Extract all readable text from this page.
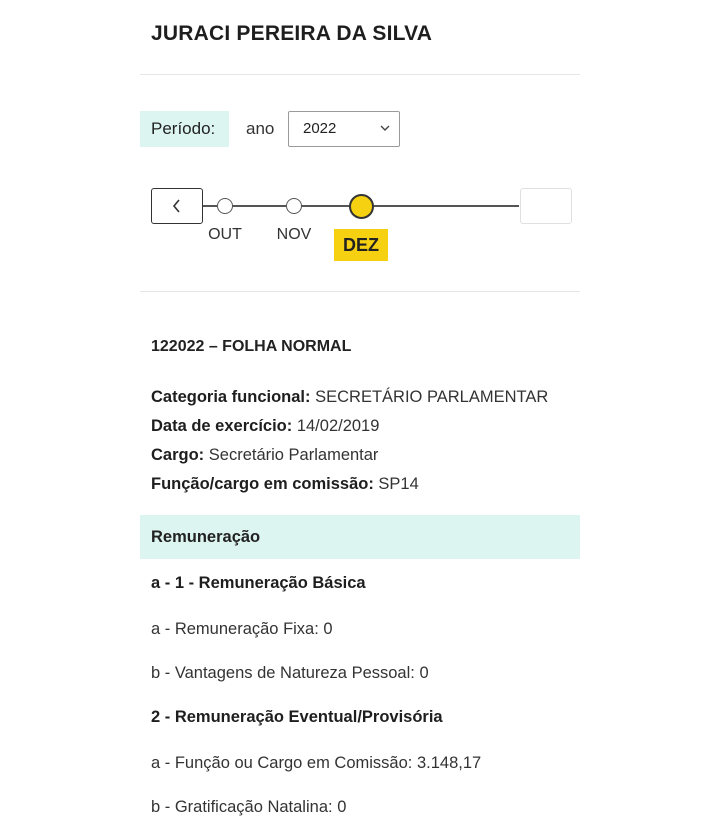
JURACI PEREIRA DA SILVA
Período:	ano 2022
OUT	NOV
DEZ
122022 – FOLHA NORMAL
Categoria funcional: SECRETÁRIO PARLAMENTAR
Data de exercício: 14/02/2019
Cargo: Secretário Parlamentar
Função/cargo em comissão: SP14
Remuneração
a - 1 - Remuneração Básica
a - Remuneração Fixa: 0
b - Vantagens de Natureza Pessoal: 0
2 - Remuneração Eventual/Provisória
a - Função ou Cargo em Comissão: 3.148,17
b - Gratificação Natalina: 0
